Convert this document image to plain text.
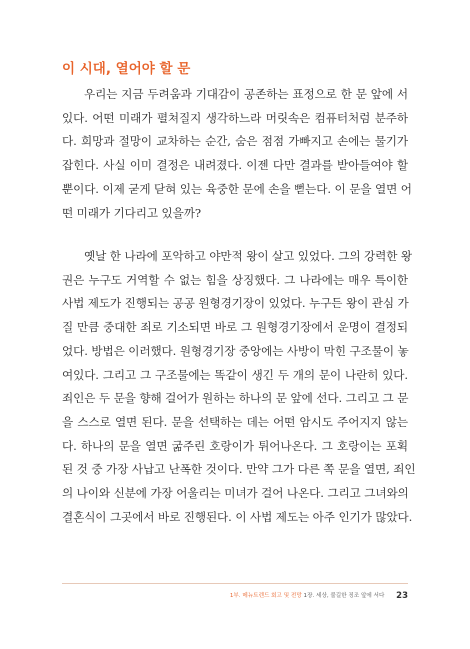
이 시대, 열어야 할 문

우리는 지금 두려움과 기대감이 공존하는 표정으로 한 문 앞에 서
있다. 어떤 미래가 펼쳐질지 생각하느라 머릿속은 컴퓨터처럼 분주하
다. 희망과 절망이 교차하는 순간, 숨은 점점 가빠지고 손에는 물기가
잡힌다. 사실 이미 결정은 내려졌다. 이젠 다만 결과를 받아들여야 할
뿐이다. 이제 굳게 닫혀 있는 육중한 문에 손을 뻗는다. 이 문을 열면 어
떤 미래가 기다리고 있을까?

옛날 한 나라에 포악하고 야만적 왕이 살고 있었다. 그의 강력한 왕
권은 누구도 거역할 수 없는 힘을 상징했다. 그 나라에는 매우 특이한
사법 제도가 진행되는 공공 원형경기장이 있었다. 누구든 왕이 관심 가
질 만큼 중대한 죄로 기소되면 바로 그 원형경기장에서 운명이 결정되
었다. 방법은 이러했다. 원형경기장 중앙에는 사방이 막힌 구조물이 놓
여있다. 그리고 그 구조물에는 똑같이 생긴 두 개의 문이 나란히 있다.
죄인은 두 문을 향해 걸어가 원하는 하나의 문 앞에 선다. 그리고 그 문
을 스스로 열면 된다. 문을 선택하는 데는 어떤 암시도 주어지지 않는
다. 하나의 문을 열면 굶주린 호랑이가 튀어나온다. 그 호랑이는 포획
된 것 중 가장 사납고 난폭한 것이다. 만약 그가 다른 쪽 문을 열면, 죄인
의 나이와 신분에 가장 어울리는 미녀가 걸어 나온다. 그리고 그녀와의
결혼식이 그곳에서 바로 진행된다. 이 사법 제도는 아주 인기가 많았다.

1부. 메뉴트렌드 회고 및 전망 1장. 세상, 불길한 징조 앞에 서다 23
